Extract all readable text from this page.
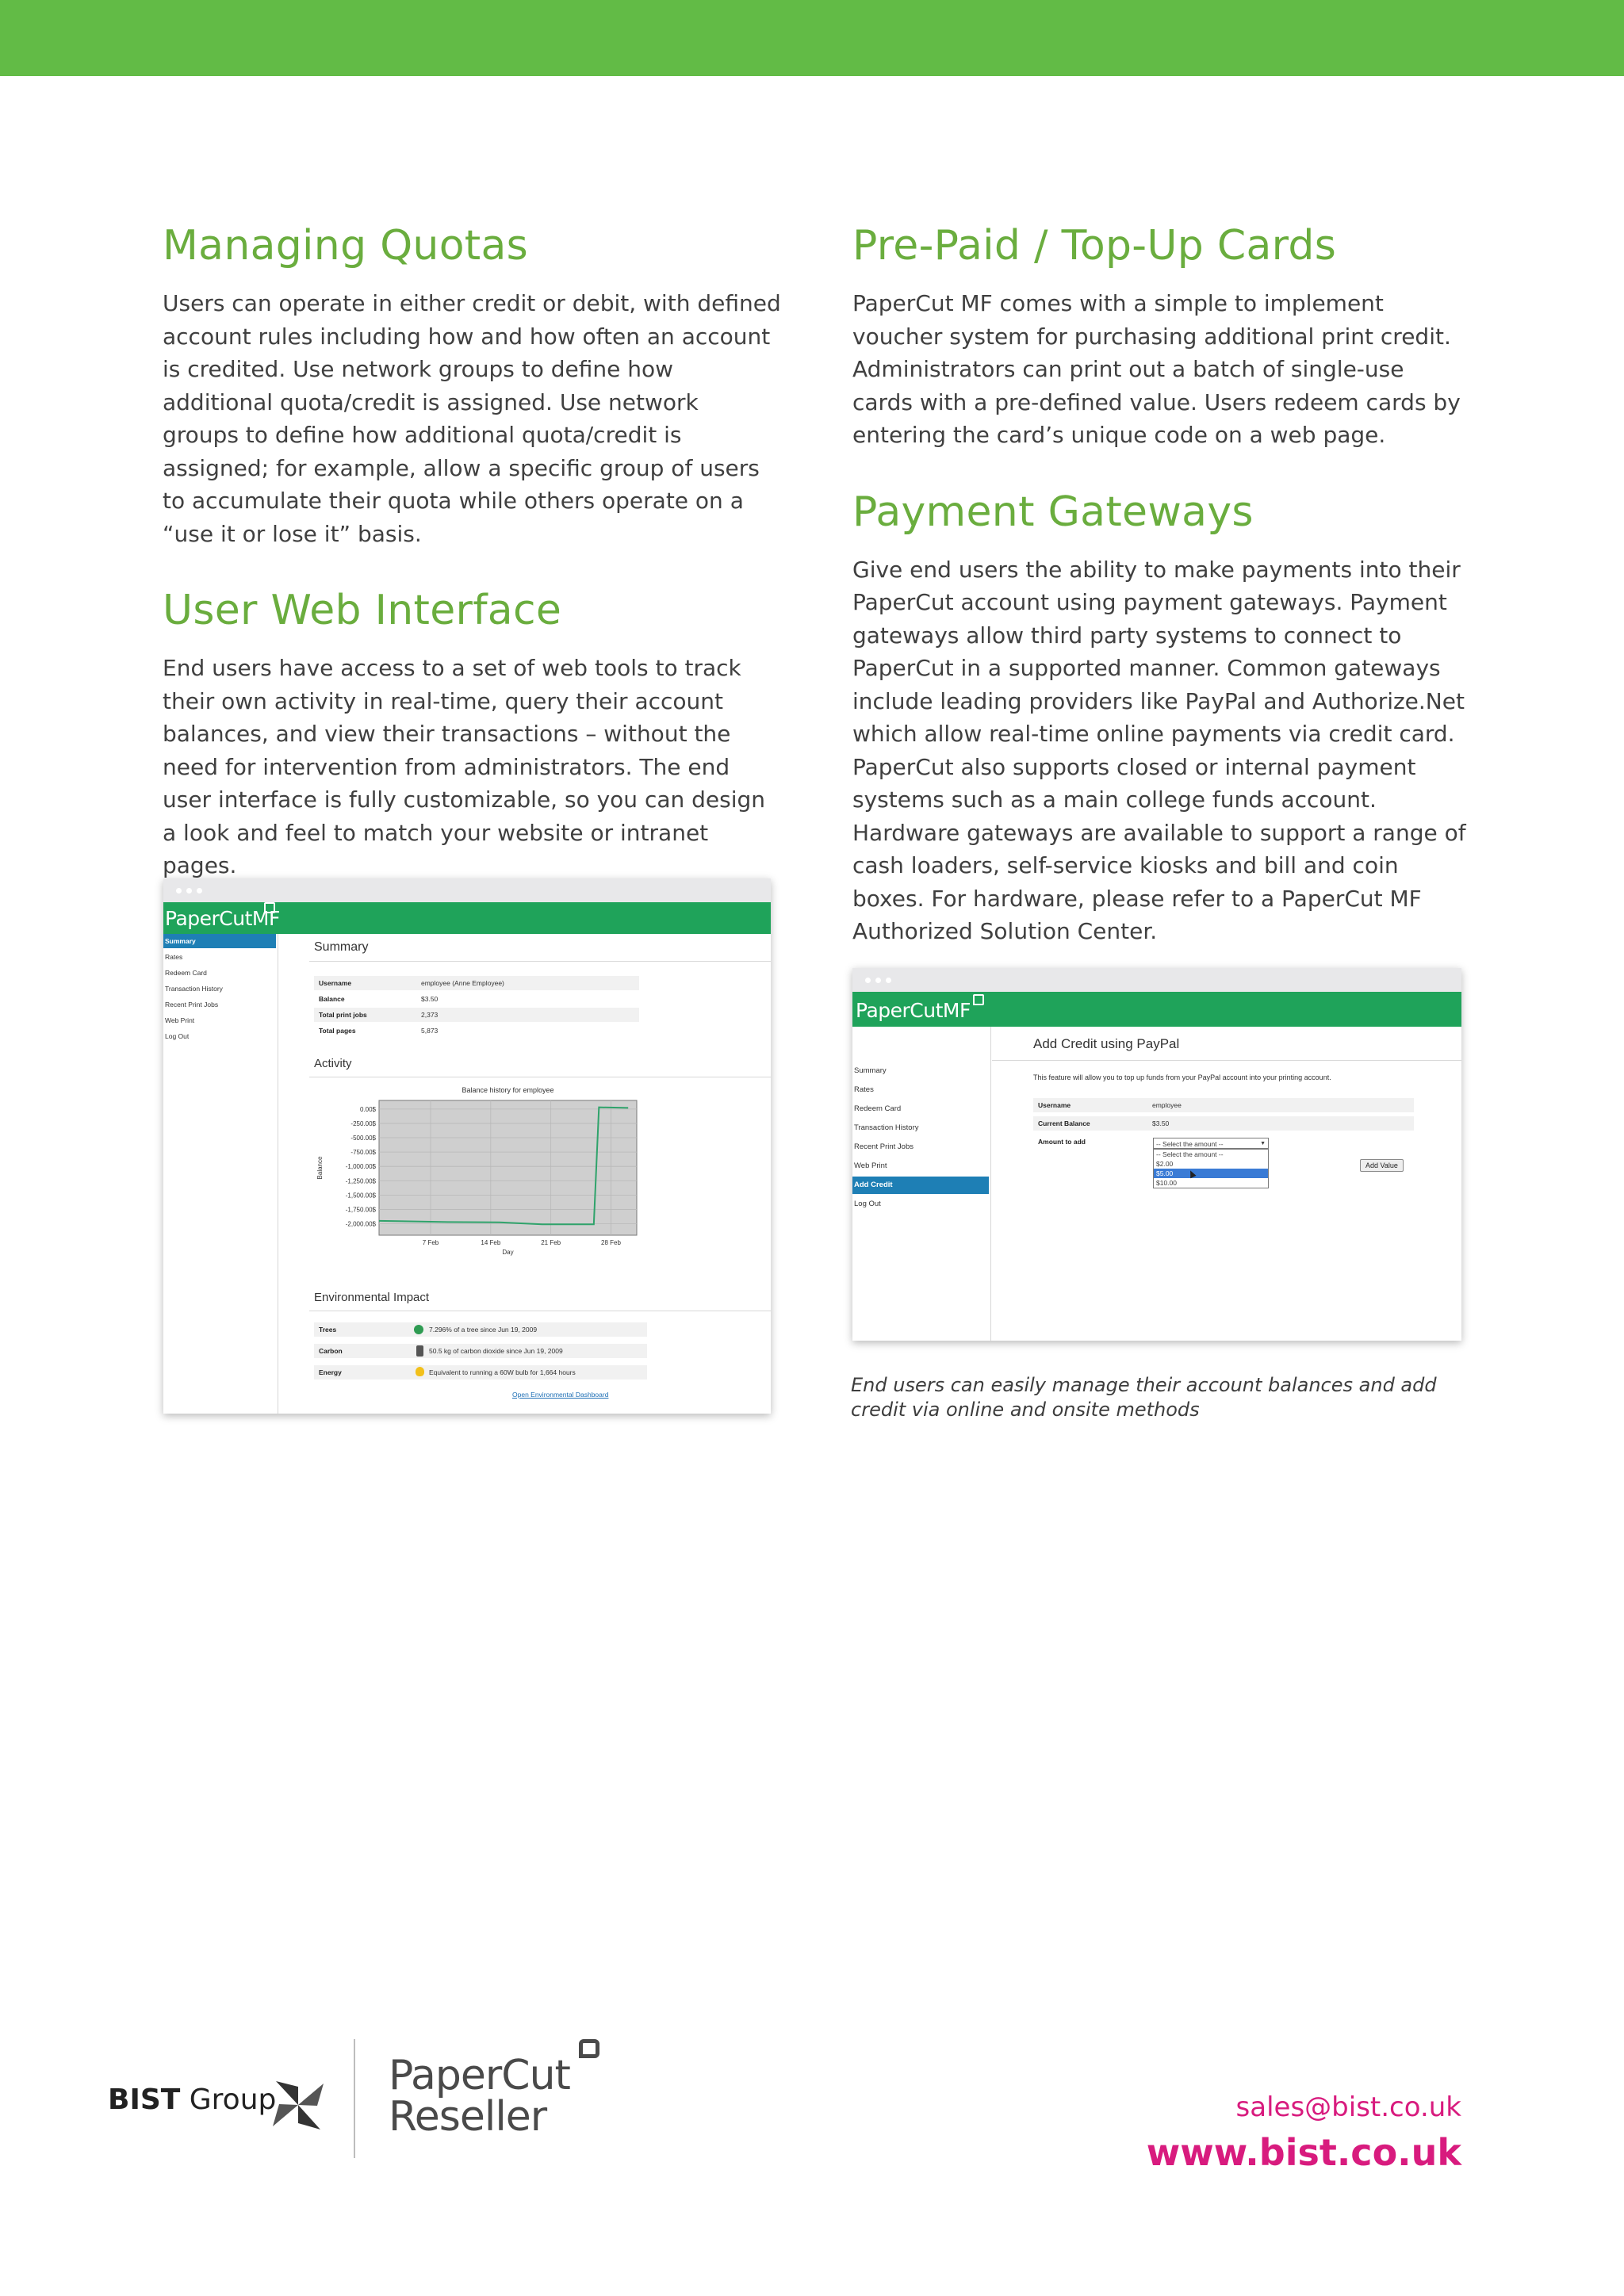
Managing Quotas

Users can operate in either credit or debit, with defined account rules including how and how often an account is credited. Use network groups to define how additional quota/credit is assigned. Use network groups to define how additional quota/credit is assigned; for example, allow a specific group of users to accumulate their quota while others operate on a “use it or lose it” basis.

User Web Interface

End users have access to a set of web tools to track their own activity in real-time, query their account balances, and view their transactions – without the need for intervention from administrators. The end user interface is fully customizable, so you can design a look and feel to match your website or intranet pages.

Pre-Paid / Top-Up Cards

PaperCut MF comes with a simple to implement voucher system for purchasing additional print credit. Administrators can print out a batch of single-use cards with a pre-defined value. Users redeem cards by entering the card’s unique code on a web page.

Payment Gateways

Give end users the ability to make payments into their PaperCut account using payment gateways. Payment gateways allow third party systems to connect to PaperCut in a supported manner. Common gateways include leading providers like PayPal and Authorize.Net which allow real-time online payments via credit card. PaperCut also supports closed or internal payment systems such as a main college funds account. Hardware gateways are available to support a range of cash loaders, self-service kiosks and bill and coin boxes. For hardware, please refer to a PaperCut MF Authorized Solution Center.

PaperCutMF
Summary
Rates
Redeem Card
Transaction History
Recent Print Jobs
Web Print
Log Out
Summary
Username	employee (Anne Employee)
Balance	$3.50
Total print jobs	2,373
Total pages	5,873
Activity
Balance history for employee
0.00$
-250.00$
-500.00$
-750.00$
-1,000.00$
-1,250.00$
-1,500.00$
-1,750.00$
-2,000.00$
7 Feb	14 Feb	21 Feb	28 Feb
Day
Balance
Environmental Impact
Trees	7.296% of a tree since Jun 19, 2009
Carbon	50.5 kg of carbon dioxide since Jun 19, 2009
Energy	Equivalent to running a 60W bulb for 1,664 hours
Open Environmental Dashboard
PaperCutMF
Summary
Rates
Redeem Card
Transaction History
Recent Print Jobs
Web Print
Add Credit
Log Out
Add Credit using PayPal
This feature will allow you to top up funds from your PayPal account into your printing account.
Username	employee
Current Balance	$3.50
Amount to add	-- Select the amount --	▼
-- Select the amount --
$2.00
$5.00
$10.00
Add Value
End users can easily manage their account balances and add credit via online and onsite methods
BIST Group
PaperCut
Reseller	sales@bist.co.uk
www.bist.co.uk
